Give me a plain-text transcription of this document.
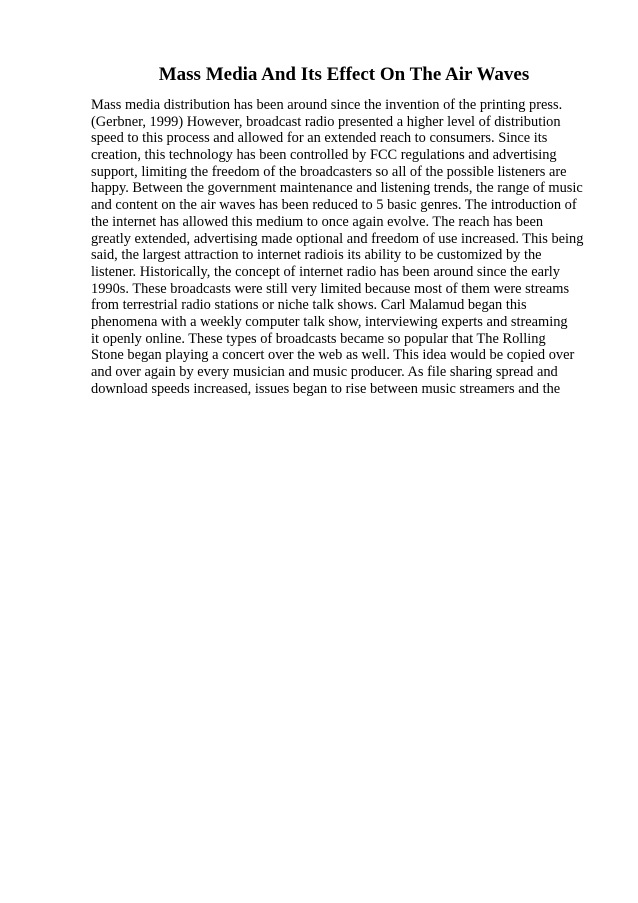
Mass Media And Its Effect On The Air Waves
Mass media distribution has been around since the invention of the printing press.
(Gerbner, 1999) However, broadcast radio presented a higher level of distribution
speed to this process and allowed for an extended reach to consumers. Since its
creation, this technology has been controlled by FCC regulations and advertising
support, limiting the freedom of the broadcasters so all of the possible listeners are
happy. Between the government maintenance and listening trends, the range of music
and content on the air waves has been reduced to 5 basic genres. The introduction of
the internet has allowed this medium to once again evolve. The reach has been
greatly extended, advertising made optional and freedom of use increased. This being
said, the largest attraction to internet radiois its ability to be customized by the
listener. Historically, the concept of internet radio has been around since the early
1990s. These broadcasts were still very limited because most of them were streams
from terrestrial radio stations or niche talk shows. Carl Malamud began this
phenomena with a weekly computer talk show, interviewing experts and streaming
it openly online. These types of broadcasts became so popular that The Rolling
Stone began playing a concert over the web as well. This idea would be copied over
and over again by every musician and music producer. As file sharing spread and
download speeds increased, issues began to rise between music streamers and the
